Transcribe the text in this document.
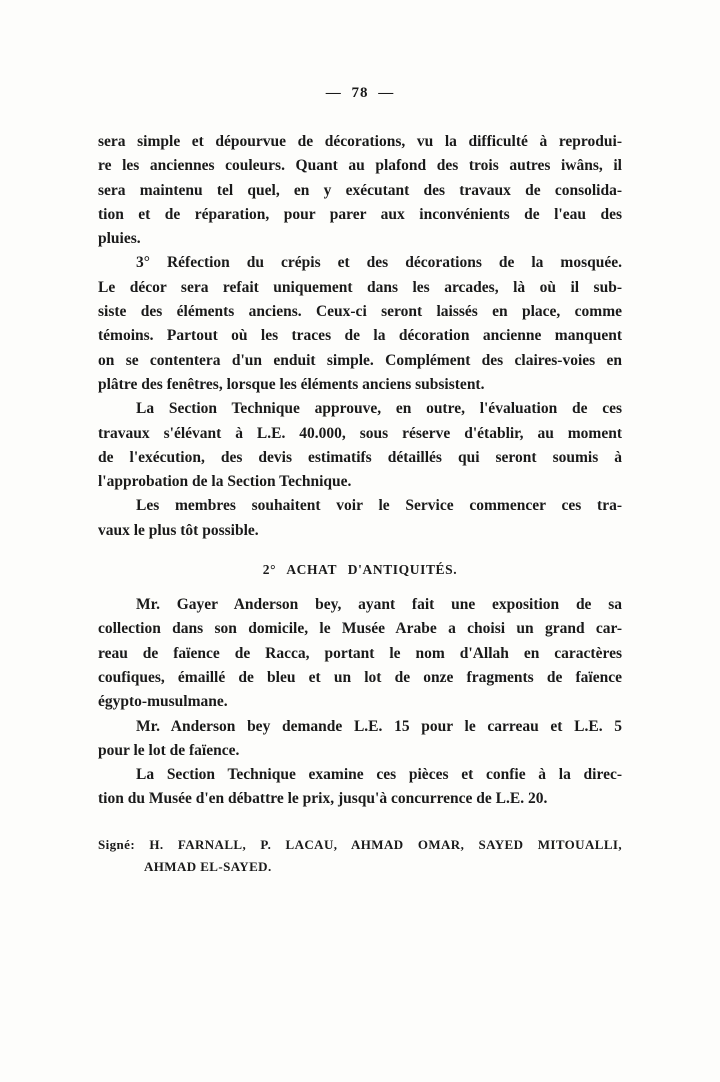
— 78 —
sera simple et dépourvue de décorations, vu la difficulté à reprodui-
re les anciennes couleurs. Quant au plafond des trois autres iwâns, il
sera maintenu tel quel, en y exécutant des travaux de consolida-
tion et de réparation, pour parer aux inconvénients de l'eau des
pluies.
3° Réfection du crépis et des décorations de la mosquée.
Le décor sera refait uniquement dans les arcades, là où il sub-
siste des éléments anciens. Ceux-ci seront laissés en place, comme
témoins. Partout où les traces de la décoration ancienne manquent
on se contentera d'un enduit simple. Complément des claires-voies en
plâtre des fenêtres, lorsque les éléments anciens subsistent.
La Section Technique approuve, en outre, l'évaluation de ces
travaux s'élévant à L.E. 40.000, sous réserve d'établir, au moment
de l'exécution, des devis estimatifs détaillés qui seront soumis à
l'approbation de la Section Technique.
Les membres souhaitent voir le Service commencer ces tra-
vaux le plus tôt possible.
2° ACHAT D'ANTIQUITÉS.
Mr. Gayer Anderson bey, ayant fait une exposition de sa
collection dans son domicile, le Musée Arabe a choisi un grand car-
reau de faïence de Racca, portant le nom d'Allah en caractères
coufiques, émaillé de bleu et un lot de onze fragments de faïence
égypto-musulmane.
Mr. Anderson bey demande L.E. 15 pour le carreau et L.E. 5
pour le lot de faïence.
La Section Technique examine ces pièces et confie à la direc-
tion du Musée d'en débattre le prix, jusqu'à concurrence de L.E. 20.
Signé: H. FARNALL, P. LACAU, AHMAD OMAR, SAYED MITOUALLI,
AHMAD EL-SAYED.
